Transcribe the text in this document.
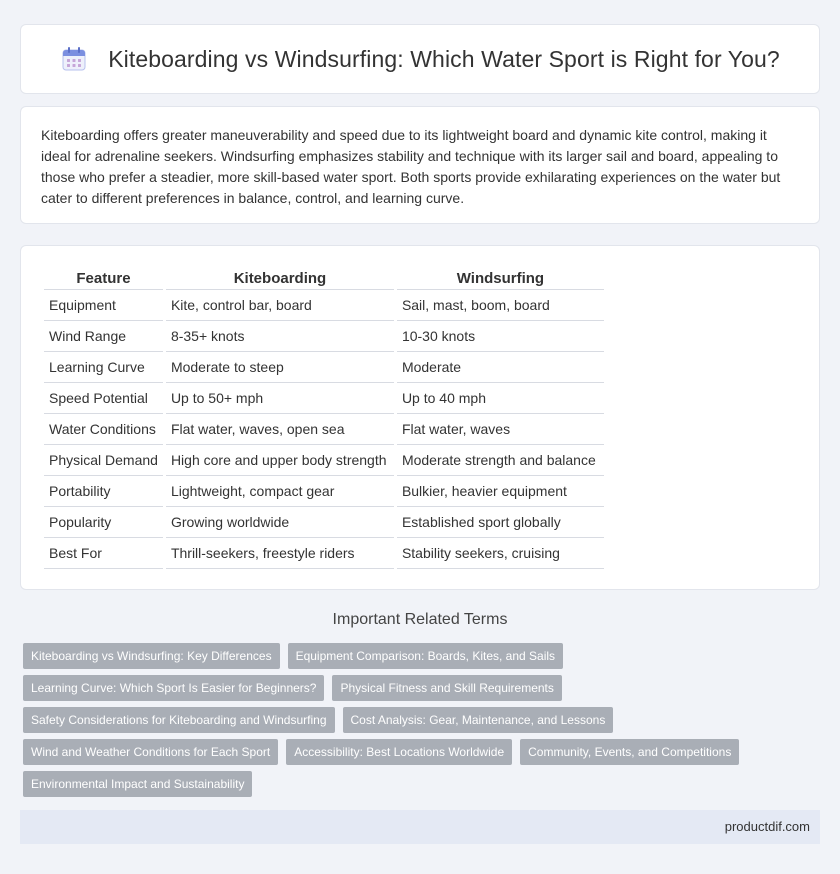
Kiteboarding vs Windsurfing: Which Water Sport is Right for You?

Kiteboarding offers greater maneuverability and speed due to its lightweight board and dynamic kite control, making it ideal for adrenaline seekers. Windsurfing emphasizes stability and technique with its larger sail and board, appealing to those who prefer a steadier, more skill-based water sport. Both sports provide exhilarating experiences on the water but cater to different preferences in balance, control, and learning curve.

Feature	Kiteboarding	Windsurfing
Equipment	Kite, control bar, board	Sail, mast, boom, board
Wind Range	8-35+ knots	10-30 knots
Learning Curve	Moderate to steep	Moderate
Speed Potential	Up to 50+ mph	Up to 40 mph
Water Conditions	Flat water, waves, open sea	Flat water, waves
Physical Demand	High core and upper body strength	Moderate strength and balance
Portability	Lightweight, compact gear	Bulkier, heavier equipment
Popularity	Growing worldwide	Established sport globally
Best For	Thrill-seekers, freestyle riders	Stability seekers, cruising
Important Related Terms
Kiteboarding vs Windsurfing: Key Differences	Equipment Comparison: Boards, Kites, and Sails
Learning Curve: Which Sport Is Easier for Beginners?	Physical Fitness and Skill Requirements
Safety Considerations for Kiteboarding and Windsurfing	Cost Analysis: Gear, Maintenance, and Lessons
Wind and Weather Conditions for Each Sport	Accessibility: Best Locations Worldwide	Community, Events, and Competitions
Environmental Impact and Sustainability
productdif.com
